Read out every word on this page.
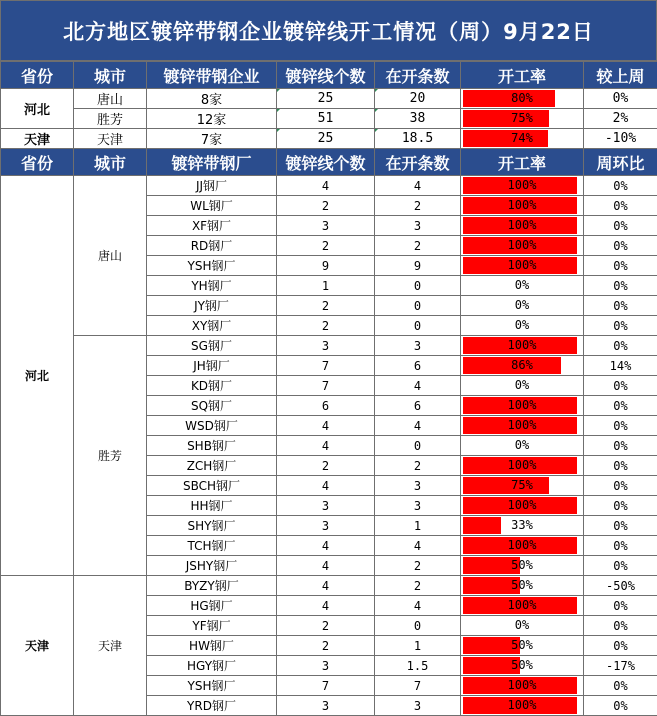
北方地区镀锌带钢企业镀锌线开工情况（周）9月22日
省份	城市	镀锌带钢企业	镀锌线个数	在开条数	开工率	较上周
河北	唐山	8家	25	20	80%	0%
	胜芳	12家	51	38	75%	2%
天津	天津	7家	25	18.5	74%	-10%
省份	城市	镀锌带钢厂	镀锌线个数	在开条数	开工率	周环比
河北	唐山	JJ钢厂	4	4	100%	0%
		WL钢厂	2	2	100%	0%
		XF钢厂	3	3	100%	0%
		RD钢厂	2	2	100%	0%
		YSH钢厂	9	9	100%	0%
		YH钢厂	1	0	0%	0%
		JY钢厂	2	0	0%	0%
		XY钢厂	2	0	0%	0%
	胜芳	SG钢厂	3	3	100%	0%
		JH钢厂	7	6	86%	14%
		KD钢厂	7	4	0%	0%
		SQ钢厂	6	6	100%	0%
		WSD钢厂	4	4	100%	0%
		SHB钢厂	4	0	0%	0%
		ZCH钢厂	2	2	100%	0%
		SBCH钢厂	4	3	75%	0%
		HH钢厂	3	3	100%	0%
		SHY钢厂	3	1	33%	0%
		TCH钢厂	4	4	100%	0%
		JSHY钢厂	4	2	50%	0%
天津	天津	BYZY钢厂	4	2	50%	-50%
		HG钢厂	4	4	100%	0%
		YF钢厂	2	0	0%	0%
		HW钢厂	2	1	50%	0%
		HGY钢厂	3	1.5	50%	-17%
		YSH钢厂	7	7	100%	0%
		YRD钢厂	3	3	100%	0%
